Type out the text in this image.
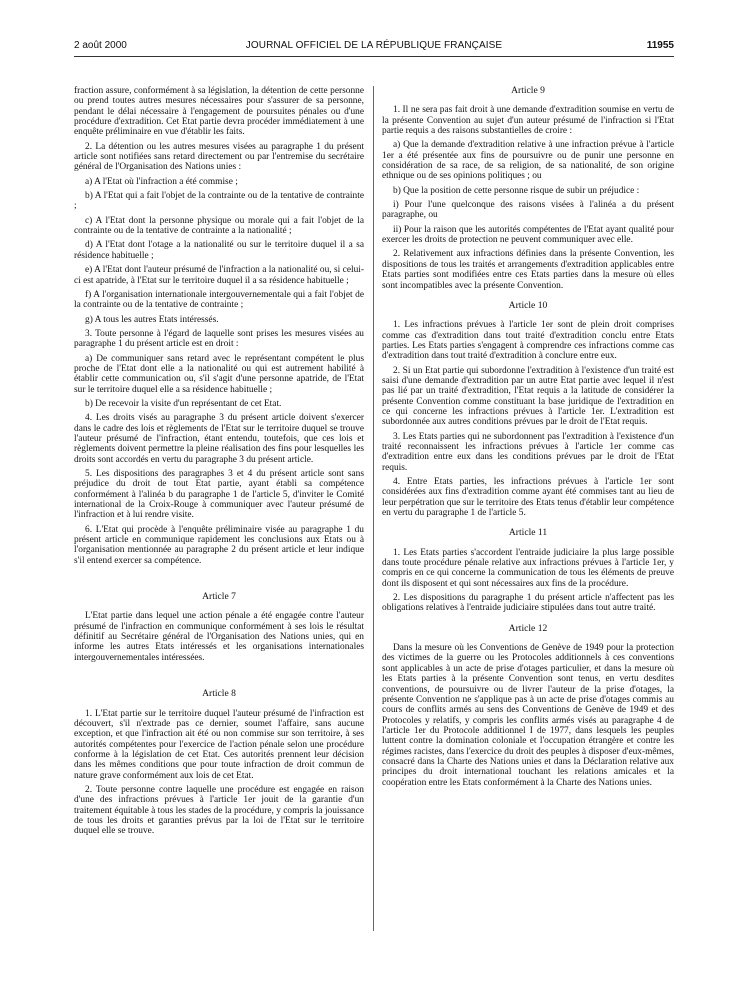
2 août 2000	JOURNAL OFFICIEL DE LA RÉPUBLIQUE FRANÇAISE	11955

fraction assure, conformément à sa législation, la détention de cette personne ou prend toutes autres mesures nécessaires pour s'assurer de sa personne, pendant le délai nécessaire à l'engagement de poursuites pénales ou d'une procédure d'extradition. Cet Etat partie devra procéder immédiatement à une enquête préliminaire en vue d'établir les faits.

2. La détention ou les autres mesures visées au paragraphe 1 du présent article sont notifiées sans retard directement ou par l'entremise du secrétaire général de l'Organisation des Nations unies :

a) A l'Etat où l'infraction a été commise ;

b) A l'Etat qui a fait l'objet de la contrainte ou de la tentative de contrainte ;

c) A l'Etat dont la personne physique ou morale qui a fait l'objet de la contrainte ou de la tentative de contrainte a la nationalité ;

d) A l'Etat dont l'otage a la nationalité ou sur le territoire duquel il a sa résidence habituelle ;

e) A l'Etat dont l'auteur présumé de l'infraction a la nationalité ou, si celui-ci est apatride, à l'Etat sur le territoire duquel il a sa résidence habituelle ;

f) A l'organisation internationale intergouvernementale qui a fait l'objet de la contrainte ou de la tentative de contrainte ;

g) A tous les autres Etats intéressés.

3. Toute personne à l'égard de laquelle sont prises les mesures visées au paragraphe 1 du présent article est en droit :

a) De communiquer sans retard avec le représentant compétent le plus proche de l'Etat dont elle a la nationalité ou qui est autrement habilité à établir cette communication ou, s'il s'agit d'une personne apatride, de l'Etat sur le territoire duquel elle a sa résidence habituelle ;

b) De recevoir la visite d'un représentant de cet Etat.

4. Les droits visés au paragraphe 3 du présent article doivent s'exercer dans le cadre des lois et règlements de l'Etat sur le territoire duquel se trouve l'auteur présumé de l'infraction, étant entendu, toutefois, que ces lois et règlements doivent permettre la pleine réalisation des fins pour lesquelles les droits sont accordés en vertu du paragraphe 3 du présent article.

5. Les dispositions des paragraphes 3 et 4 du présent article sont sans préjudice du droit de tout Etat partie, ayant établi sa compétence conformément à l'alinéa b du paragraphe 1 de l'article 5, d'inviter le Comité international de la Croix-Rouge à communiquer avec l'auteur présumé de l'infraction et à lui rendre visite.

6. L'Etat qui procède à l'enquête préliminaire visée au paragraphe 1 du présent article en communique rapidement les conclusions aux Etats ou à l'organisation mentionnée au paragraphe 2 du présent article et leur indique s'il entend exercer sa compétence.

Article 7

L'Etat partie dans lequel une action pénale a été engagée contre l'auteur présumé de l'infraction en communique conformément à ses lois le résultat définitif au Secrétaire général de l'Organisation des Nations unies, qui en informe les autres Etats intéressés et les organisations internationales intergouvernementales intéressées.

Article 8

1. L'Etat partie sur le territoire duquel l'auteur présumé de l'infraction est découvert, s'il n'extrade pas ce dernier, soumet l'affaire, sans aucune exception, et que l'infraction ait été ou non commise sur son territoire, à ses autorités compétentes pour l'exercice de l'action pénale selon une procédure conforme à la législation de cet Etat. Ces autorités prennent leur décision dans les mêmes conditions que pour toute infraction de droit commun de nature grave conformément aux lois de cet Etat.

2. Toute personne contre laquelle une procédure est engagée en raison d'une des infractions prévues à l'article 1er jouit de la garantie d'un traitement équitable à tous les stades de la procédure, y compris la jouissance de tous les droits et garanties prévus par la loi de l'Etat sur le territoire duquel elle se trouve.

Article 9

1. Il ne sera pas fait droit à une demande d'extradition soumise en vertu de la présente Convention au sujet d'un auteur présumé de l'infraction si l'Etat partie requis a des raisons substantielles de croire :

a) Que la demande d'extradition relative à une infraction prévue à l'article 1er a été présentée aux fins de poursuivre ou de punir une personne en considération de sa race, de sa religion, de sa nationalité, de son origine ethnique ou de ses opinions politiques ; ou

b) Que la position de cette personne risque de subir un préjudice :

i) Pour l'une quelconque des raisons visées à l'alinéa a du présent paragraphe, ou

ii) Pour la raison que les autorités compétentes de l'Etat ayant qualité pour exercer les droits de protection ne peuvent communiquer avec elle.

2. Relativement aux infractions définies dans la présente Convention, les dispositions de tous les traités et arrangements d'extradition applicables entre Etats parties sont modifiées entre ces Etats parties dans la mesure où elles sont incompatibles avec la présente Convention.

Article 10

1. Les infractions prévues à l'article 1er sont de plein droit comprises comme cas d'extradition dans tout traité d'extradition conclu entre Etats parties. Les Etats parties s'engagent à comprendre ces infractions comme cas d'extradition dans tout traité d'extradition à conclure entre eux.

2. Si un Etat partie qui subordonne l'extradition à l'existence d'un traité est saisi d'une demande d'extradition par un autre Etat partie avec lequel il n'est pas lié par un traité d'extradition, l'Etat requis a la latitude de considérer la présente Convention comme constituant la base juridique de l'extradition en ce qui concerne les infractions prévues à l'article 1er. L'extradition est subordonnée aux autres conditions prévues par le droit de l'Etat requis.

3. Les Etats parties qui ne subordonnent pas l'extradition à l'existence d'un traité reconnaissent les infractions prévues à l'article 1er comme cas d'extradition entre eux dans les conditions prévues par le droit de l'Etat requis.

4. Entre Etats parties, les infractions prévues à l'article 1er sont considérées aux fins d'extradition comme ayant été commises tant au lieu de leur perpétration que sur le territoire des Etats tenus d'établir leur compétence en vertu du paragraphe 1 de l'article 5.

Article 11

1. Les Etats parties s'accordent l'entraide judiciaire la plus large possible dans toute procédure pénale relative aux infractions prévues à l'article 1er, y compris en ce qui concerne la communication de tous les éléments de preuve dont ils disposent et qui sont nécessaires aux fins de la procédure.

2. Les dispositions du paragraphe 1 du présent article n'affectent pas les obligations relatives à l'entraide judiciaire stipulées dans tout autre traité.

Article 12

Dans la mesure où les Conventions de Genève de 1949 pour la protection des victimes de la guerre ou les Protocoles additionnels à ces conventions sont applicables à un acte de prise d'otages particulier, et dans la mesure où les Etats parties à la présente Convention sont tenus, en vertu desdites conventions, de poursuivre ou de livrer l'auteur de la prise d'otages, la présente Convention ne s'applique pas à un acte de prise d'otages commis au cours de conflits armés au sens des Conventions de Genève de 1949 et des Protocoles y relatifs, y compris les conflits armés visés au paragraphe 4 de l'article 1er du Protocole additionnel I de 1977, dans lesquels les peuples luttent contre la domination coloniale et l'occupation étrangère et contre les régimes racistes, dans l'exercice du droit des peuples à disposer d'eux-mêmes, consacré dans la Charte des Nations unies et dans la Déclaration relative aux principes du droit international touchant les relations amicales et la coopération entre les Etats conformément à la Charte des Nations unies.
